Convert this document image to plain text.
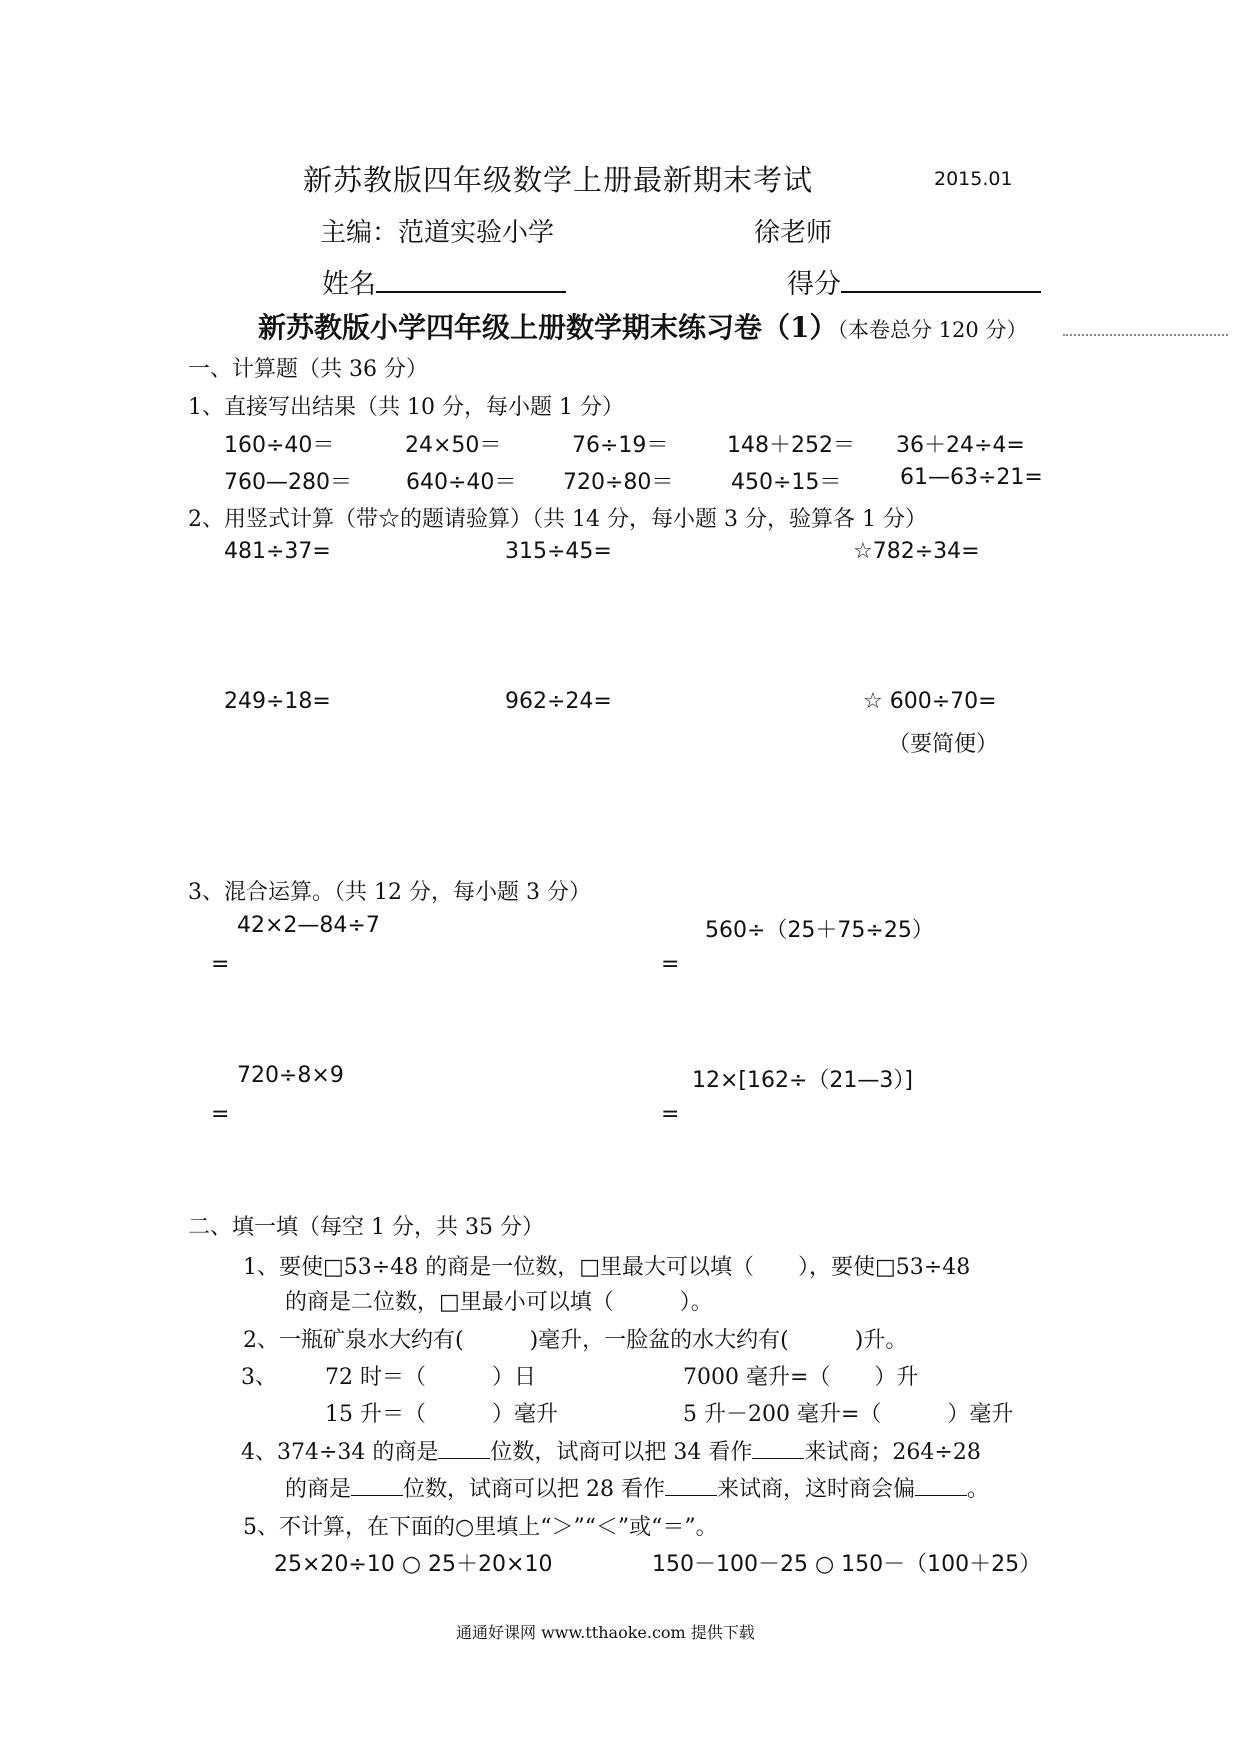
新苏教版四年级数学上册最新期末考试	2015.01
主编：范道实验小学	徐老师
姓名	得分
新苏教版小学四年级上册数学期末练习卷（1）（本卷总分 120 分）
一、计算题（共 36 分）
1、直接写出结果（共 10 分，每小题 1 分）
160÷40＝	24×50＝	76÷19＝	148＋252＝ 36＋24÷4=
760—280＝ 640÷40＝ 720÷80＝	450÷15＝	61—63÷21=
2、用竖式计算（带☆的题请验算）（共 14 分，每小题 3 分，验算各 1 分）
481÷37=	315÷45=	☆782÷34=
249÷18=	962÷24=	☆ 600÷70=
（要简便）
3、混合运算。（共 12 分，每小题 3 分）
42×2—84÷7	560÷（25＋75÷25）
=	=
720÷8×9	12×[162÷（21—3）]
=	=
二、填一填（每空 1 分，共 35 分）
1、要使□53÷48 的商是一位数，□里最大可以填（　　），要使□53÷48
的商是二位数，□里最小可以填（　　　）。
2、一瓶矿泉水大约有(　　　)毫升，一脸盆的水大约有(　　　)升。
3、 72 时＝（　　　）日	7000 毫升=（　　）升
15 升＝（　　　）毫升	5 升－200 毫升=（　　　）毫升
4、374÷34 的商是 位数，试商可以把 34 看作 来试商；264÷28
的商是 位数，试商可以把 28 看作 来试商，这时商会偏 。
5、不计算，在下面的○里填上“＞”“＜”或“＝”。
25×20÷10 ○ 25＋20×10	150－100－25 ○ 150－（100＋25）
通通好课网 www.tthaoke.com 提供下载
